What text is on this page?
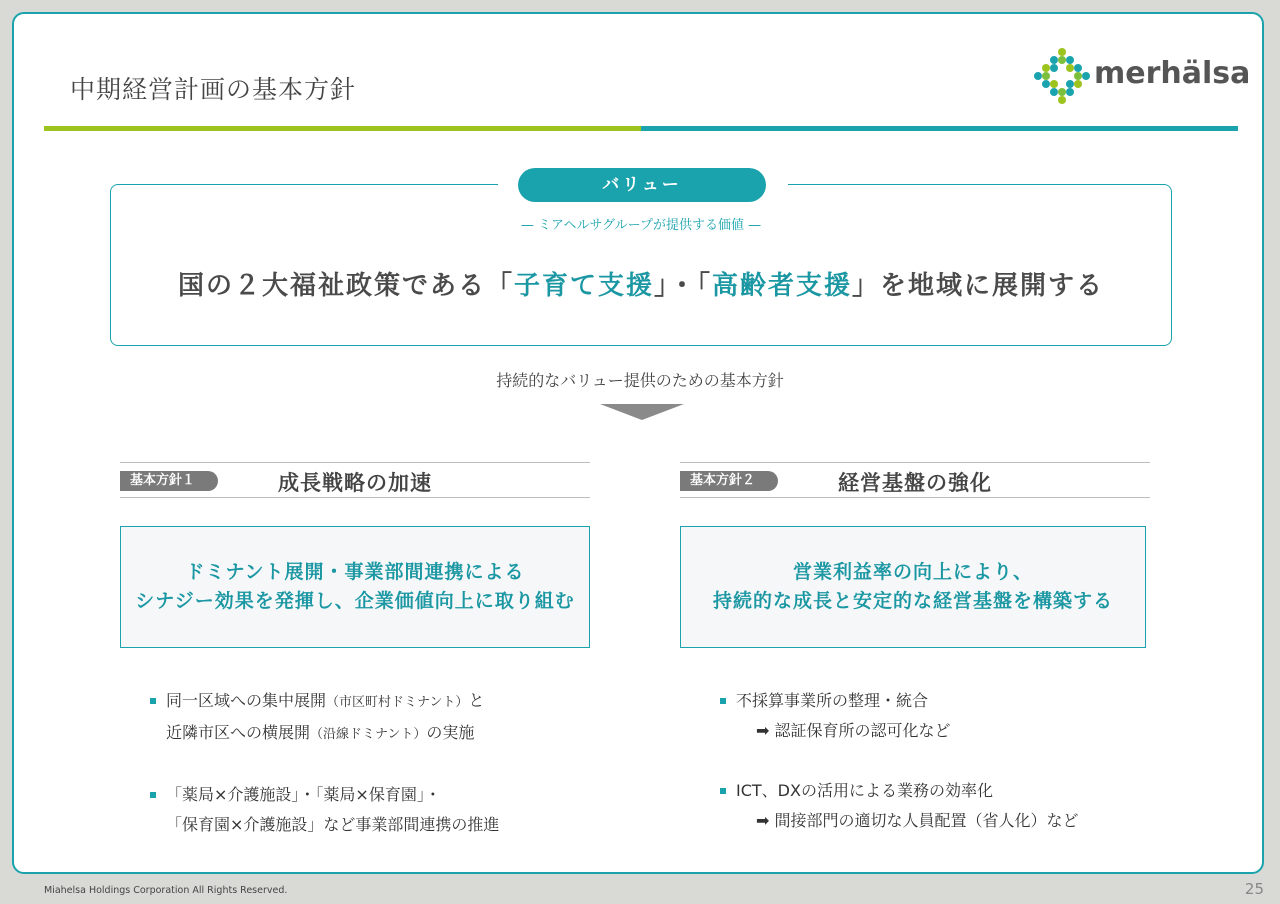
中期経営計画の基本方針	merhälsa
バリュー
— ミアヘルサグループが提供する価値 —
国の２大福祉政策である「子育て支援」・「高齢者支援」を地域に展開する
持続的なバリュー提供のための基本方針
基本方針１	成長戦略の加速
ドミナント展開・事業部間連携による
シナジー効果を発揮し、企業価値向上に取り組む
同一区域への集中展開（市区町村ドミナント）と
近隣市区への横展開（沿線ドミナント）の実施
「薬局×介護施設」・「薬局×保育園」・
「保育園×介護施設」など事業部間連携の推進
基本方針２	経営基盤の強化
営業利益率の向上により、
持続的な成長と安定的な経営基盤を構築する
不採算事業所の整理・統合
➡ 認証保育所の認可化など
ICT、DXの活用による業務の効率化
➡ 間接部門の適切な人員配置（省人化）など
Miahelsa Holdings Corporation All Rights Reserved.	25
